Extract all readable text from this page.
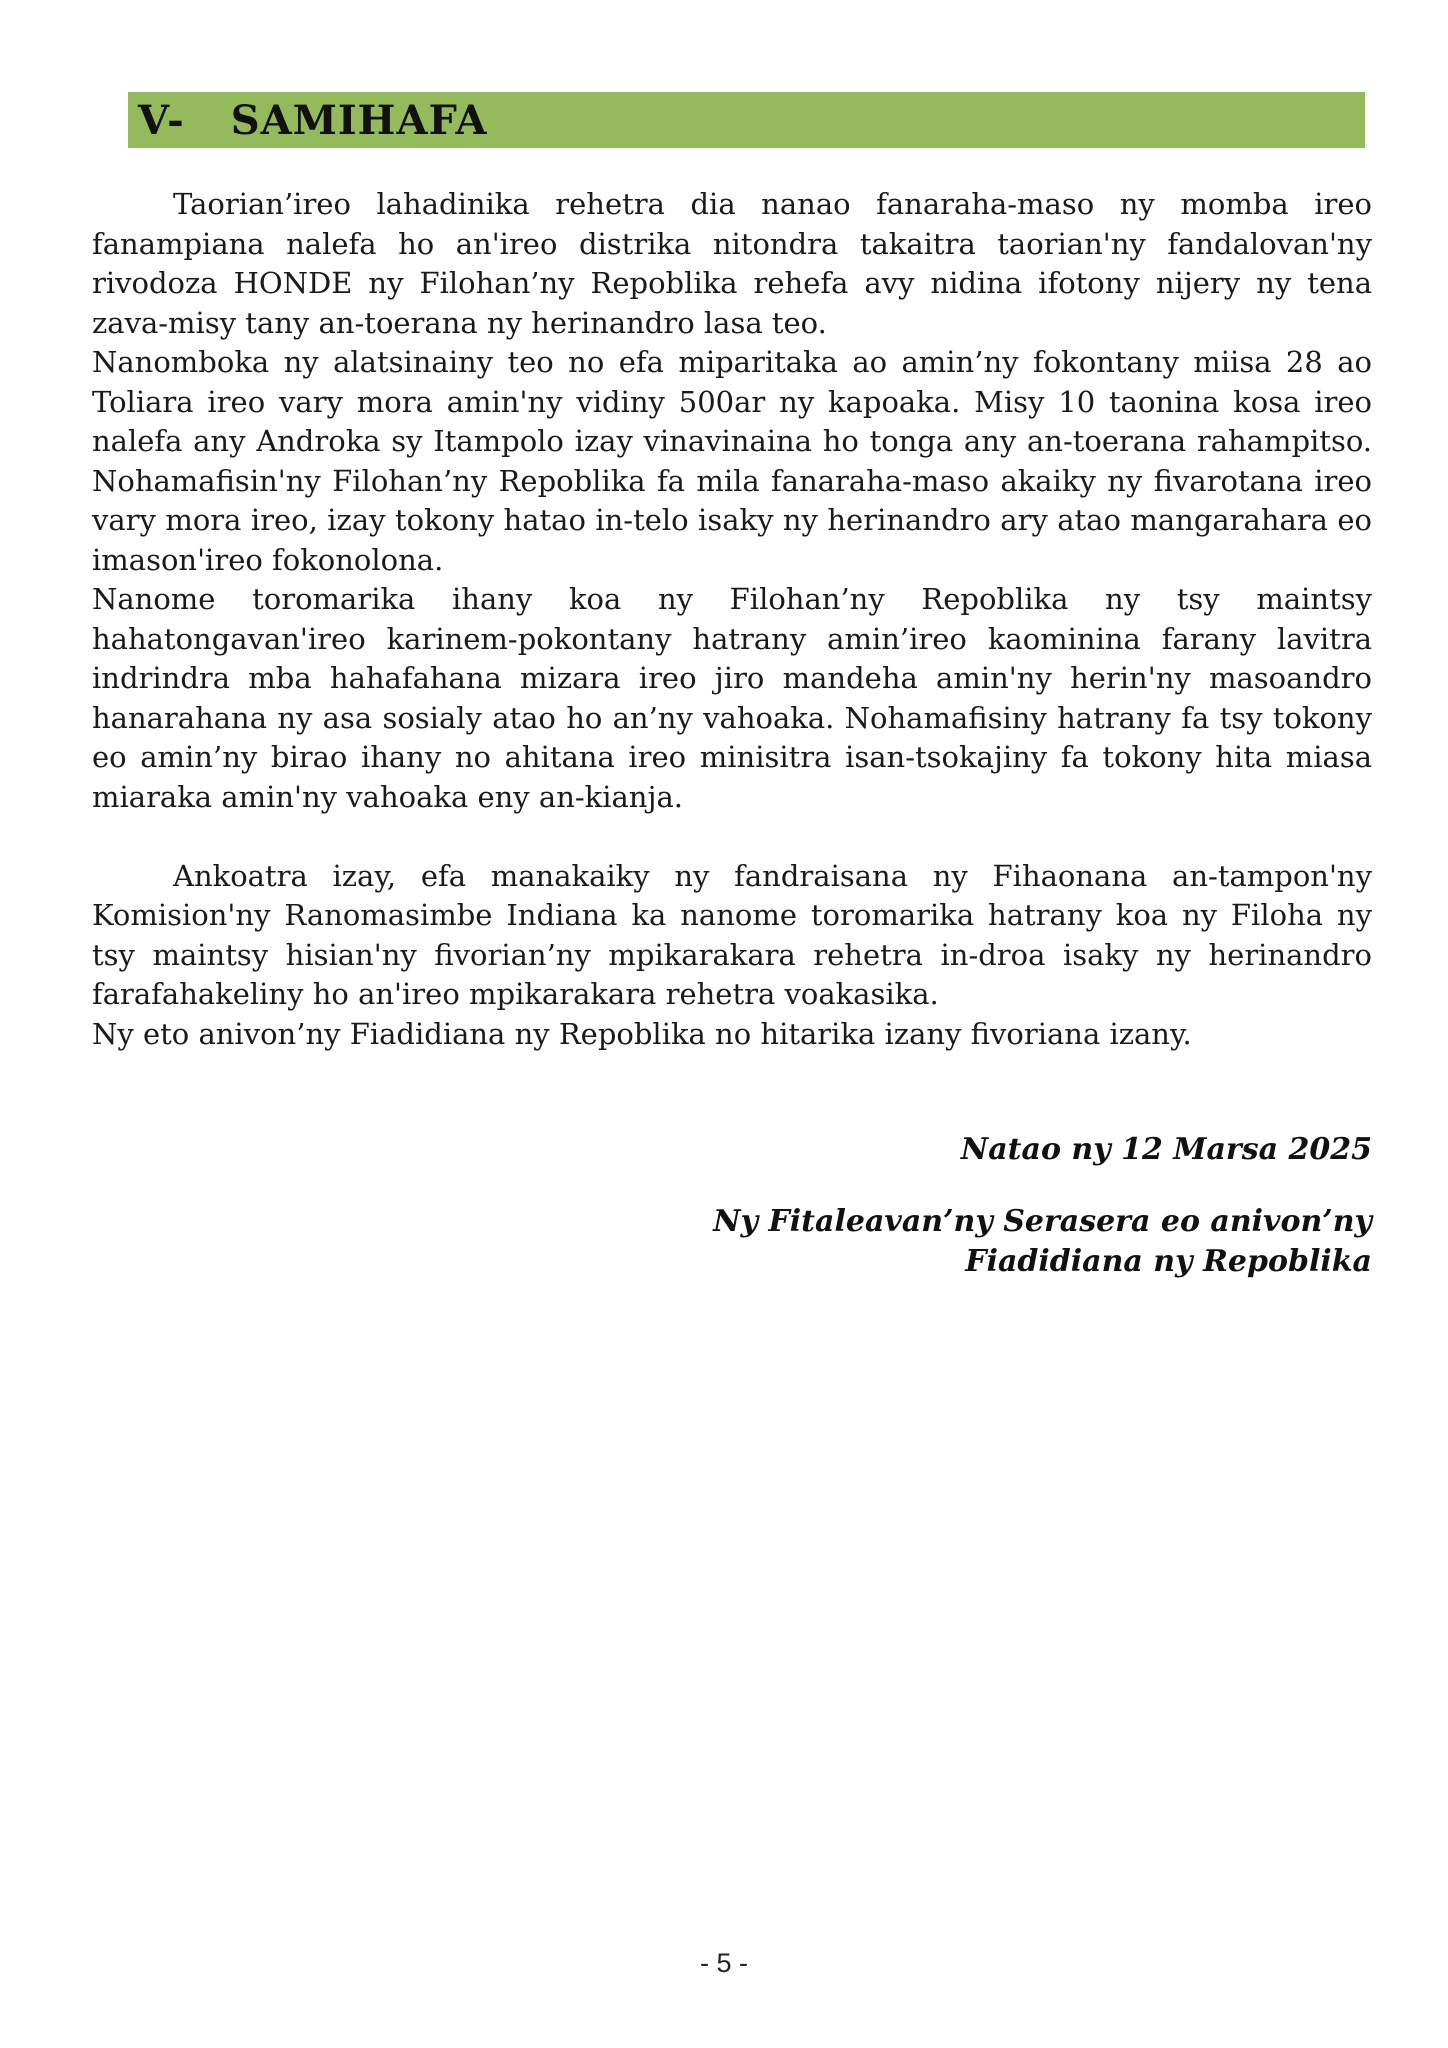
V- SAMIHAFA

Taorian’ireo lahadinika rehetra dia nanao fanaraha-maso ny momba ireo fanampiana nalefa ho an'ireo distrika nitondra takaitra taorian'ny fandalovan'ny rivodoza HONDE ny Filohan’ny Repoblika rehefa avy nidina ifotony nijery ny tena zava-misy tany an-toerana ny herinandro lasa teo.

Nanomboka ny alatsinainy teo no efa miparitaka ao amin’ny fokontany miisa 28 ao Toliara ireo vary mora amin'ny vidiny 500ar ny kapoaka. Misy 10 taonina kosa ireo nalefa any Androka sy Itampolo izay vinavinaina ho tonga any an-toerana rahampitso. Nohamafisin'ny Filohan’ny Repoblika fa mila fanaraha-maso akaiky ny fivarotana ireo vary mora ireo, izay tokony hatao in-telo isaky ny herinandro ary atao mangarahara eo imason'ireo fokonolona.

Nanome toromarika ihany koa ny Filohan’ny Repoblika ny tsy maintsy hahatongavan'ireo karinem-pokontany hatrany amin’ireo kaominina farany lavitra indrindra mba hahafahana mizara ireo jiro mandeha amin'ny herin'ny masoandro hanarahana ny asa sosialy atao ho an’ny vahoaka. Nohamafisiny hatrany fa tsy tokony eo amin’ny birao ihany no ahitana ireo minisitra isan-tsokajiny fa tokony hita miasa miaraka amin'ny vahoaka eny an-kianja.

Ankoatra izay, efa manakaiky ny fandraisana ny Fihaonana an-tampon'ny Komision'ny Ranomasimbe Indiana ka nanome toromarika hatrany koa ny Filoha ny tsy maintsy hisian'ny fivorian’ny mpikarakara rehetra in-droa isaky ny herinandro farafahakeliny ho an'ireo mpikarakara rehetra voakasika.

Ny eto anivon’ny Fiadidiana ny Repoblika no hitarika izany fivoriana izany.

Natao ny 12 Marsa 2025

Ny Fitaleavan’ny Serasera eo anivon’ny
Fiadidiana ny Repoblika

- 5 -
